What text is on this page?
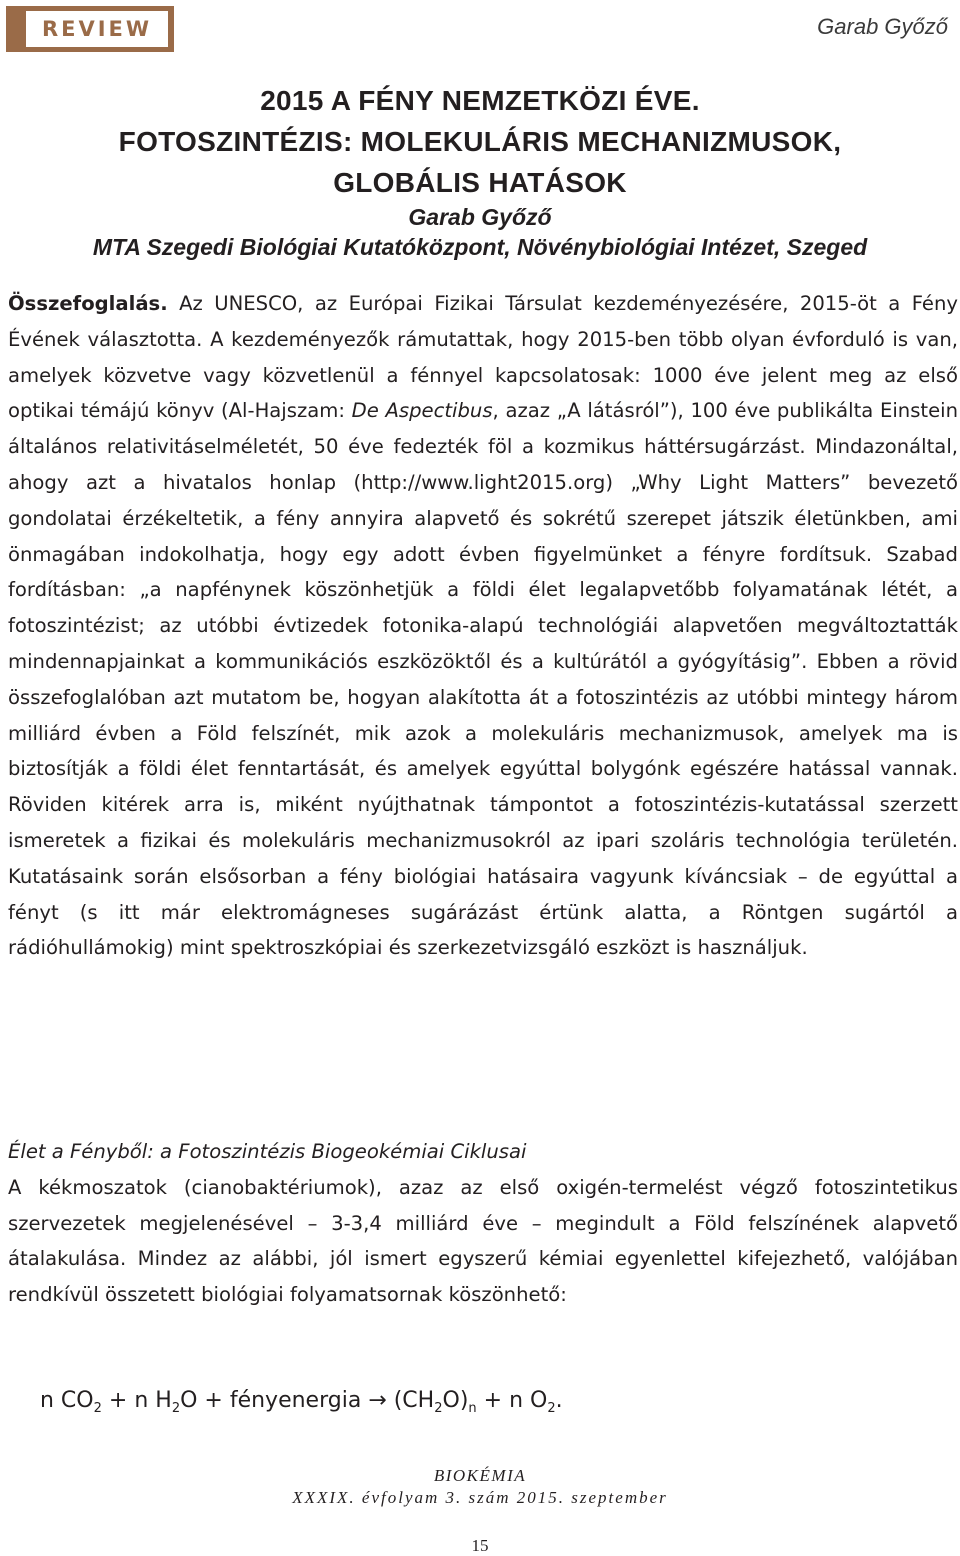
REVIEW	Garab Győző
2015 A FÉNY NEMZETKÖZI ÉVE.
FOTOSZINTÉZIS: MOLEKULÁRIS MECHANIZMUSOK,
GLOBÁLIS HATÁSOK
Garab Győző
MTA Szegedi Biológiai Kutatóközpont, Növénybiológiai Intézet, Szeged

Összefoglalás. Az UNESCO, az Európai Fizikai Társulat kezdeményezésére, 2015-öt a Fény Évének választotta. A kezdeményezők rámutattak, hogy 2015-ben több olyan évforduló is van, amelyek közvetve vagy közvetlenül a fénnyel kapcsolatosak: 1000 éve jelent meg az első optikai témájú könyv (Al-Hajszam: De Aspectibus, azaz „A látásról”), 100 éve publikálta Einstein általános relativitáselméletét, 50 éve fedezték föl a kozmikus háttérsugárzást. Mindazonáltal, ahogy azt a hivatalos honlap (http://www.light2015.org) „Why Light Matters” bevezető gondolatai érzékeltetik, a fény annyira alapvető és sokrétű szerepet játszik életünkben, ami önmagában indokolhatja, hogy egy adott évben figyelmünket a fényre fordítsuk. Szabad fordításban: „a napfénynek köszönhetjük a földi élet legalapvetőbb folyamatának létét, a fotoszintézist; az utóbbi évtizedek fotonika-alapú technológiái alapvetően megváltoztatták mindennapjainkat a kommunikációs eszközöktől és a kultúrától a gyógyításig”. Ebben a rövid összefoglalóban azt mutatom be, hogyan alakította át a fotoszintézis az utóbbi mintegy három milliárd évben a Föld felszínét, mik azok a molekuláris mechanizmusok, amelyek ma is biztosítják a földi élet fenntartását, és amelyek egyúttal bolygónk egészére hatással vannak. Röviden kitérek arra is, miként nyújthatnak támpontot a fotoszintézis-kutatással szerzett ismeretek a fizikai és molekuláris mechanizmusokról az ipari szoláris technológia területén. Kutatásaink során elsősorban a fény biológiai hatásaira vagyunk kíváncsiak – de egyúttal a fényt (s itt már elektromágneses sugárázást értünk alatta, a Röntgen sugártól a rádióhullámokig) mint spektroszkópiai és szerkezetvizsgáló eszközt is használjuk.

Élet a Fényből: a Fotoszintézis Biogeokémiai Ciklusai

A kékmoszatok (cianobaktériumok), azaz az első oxigén-termelést végző fotoszintetikus szervezetek megjelenésével – 3-3,4 milliárd éve – megindult a Föld felszínének alapvető átalakulása. Mindez az alábbi, jól ismert egyszerű kémiai egyenlettel kifejezhető, valójában rendkívül összetett biológiai folyamatsornak köszönhető:

n $CO_2 + n$ $H_2O$ + fényenergia → $(CH_2O)_n + n$ $O_2$.
BIOKÉMIA
XXXIX. évfolyam 3. szám 2015. szeptember
15
